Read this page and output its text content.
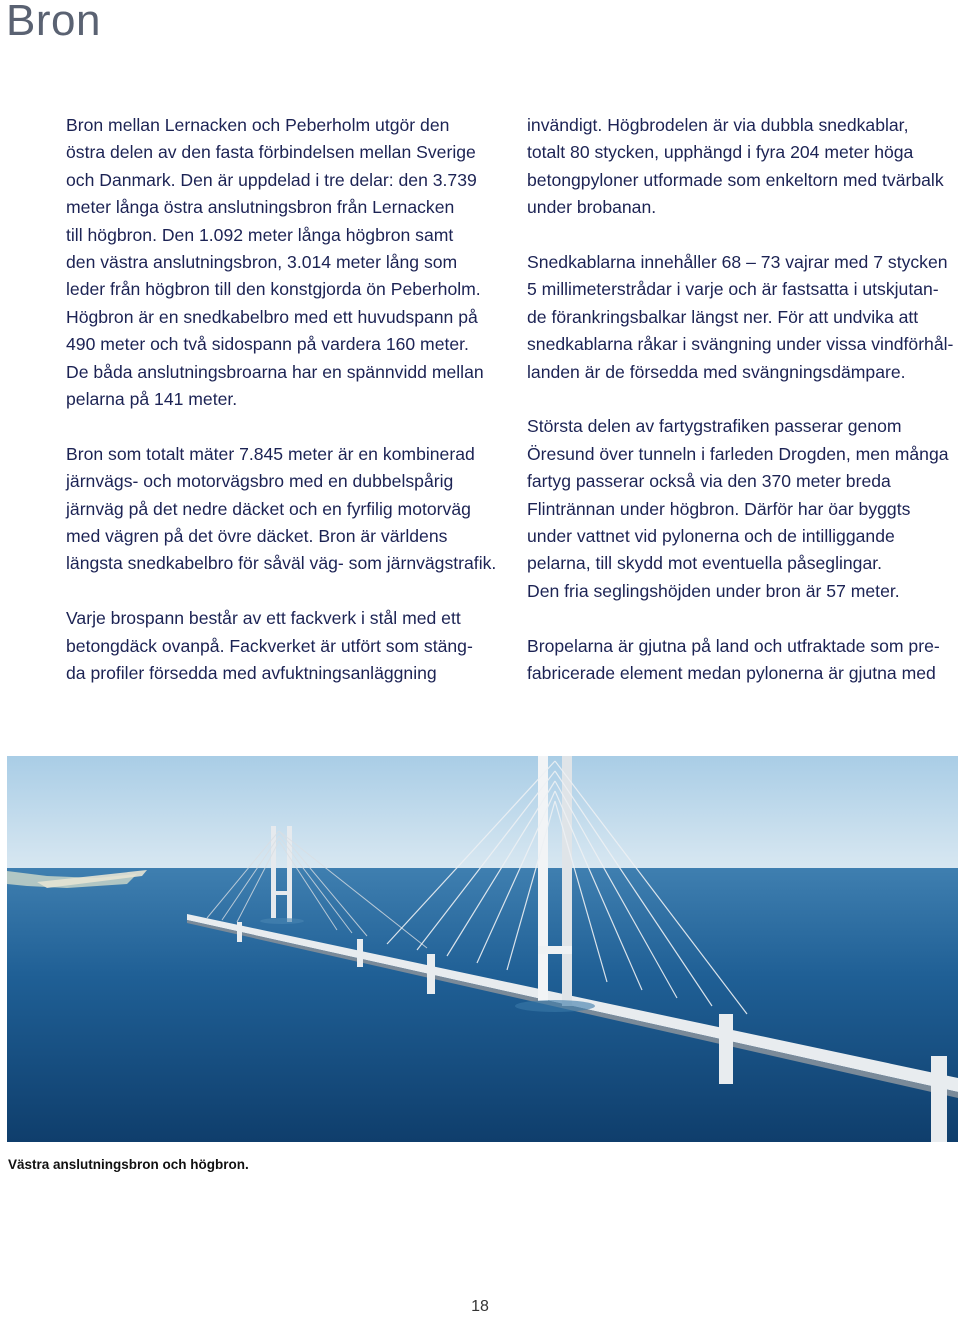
Bron
Bron mellan Lernacken och Peberholm utgör den
östra delen av den fasta förbindelsen mellan Sverige
och Danmark. Den är uppdelad i tre delar: den 3.739
meter långa östra anslutningsbron från Lernacken
till högbron. Den 1.092 meter långa högbron samt
den västra anslutningsbron, 3.014 meter lång som
leder från högbron till den konstgjorda ön Peberholm.
Högbron är en snedkabelbro med ett huvudspann på
490 meter och två sidospann på vardera 160 meter.
De båda anslutningsbroarna har en spännvidd mellan
pelarna på 141 meter.
Bron som totalt mäter 7.845 meter är en kombinerad
järnvägs- och motorvägsbro med en dubbelspårig
järnväg på det nedre däcket och en fyrfilig motorväg
med vägren på det övre däcket. Bron är världens
längsta snedkabelbro för såväl väg- som järnvägstrafik.
Varje brospann består av ett fackverk i stål med ett
betongdäck ovanpå. Fackverket är utfört som stäng-
da profiler försedda med avfuktningsanläggning
invändigt. Högbrodelen är via dubbla snedkablar,
totalt 80 stycken, upphängd i fyra 204 meter höga
betongpyloner utformade som enkeltorn med tvärbalk
under brobanan.
Snedkablarna innehåller 68 – 73 vajrar med 7 stycken
5 millimeterstrådar i varje och är fastsatta i utskjutan-
de förankringsbalkar längst ner. För att undvika att
snedkablarna råkar i svängning under vissa vindförhål-
landen är de försedda med svängningsdämpare.
Största delen av fartygstrafiken passerar genom
Öresund över tunneln i farleden Drogden, men många
fartyg passerar också via den 370 meter breda
Flintrännan under högbron. Därför har öar byggts
under vattnet vid pylonerna och de intilliggande
pelarna, till skydd mot eventuella påseglingar.
Den fria seglingshöjden under bron är 57 meter.
Bropelarna är gjutna på land och utfraktade som pre-
fabricerade element medan pylonerna är gjutna med
Västra anslutningsbron och högbron.
18
